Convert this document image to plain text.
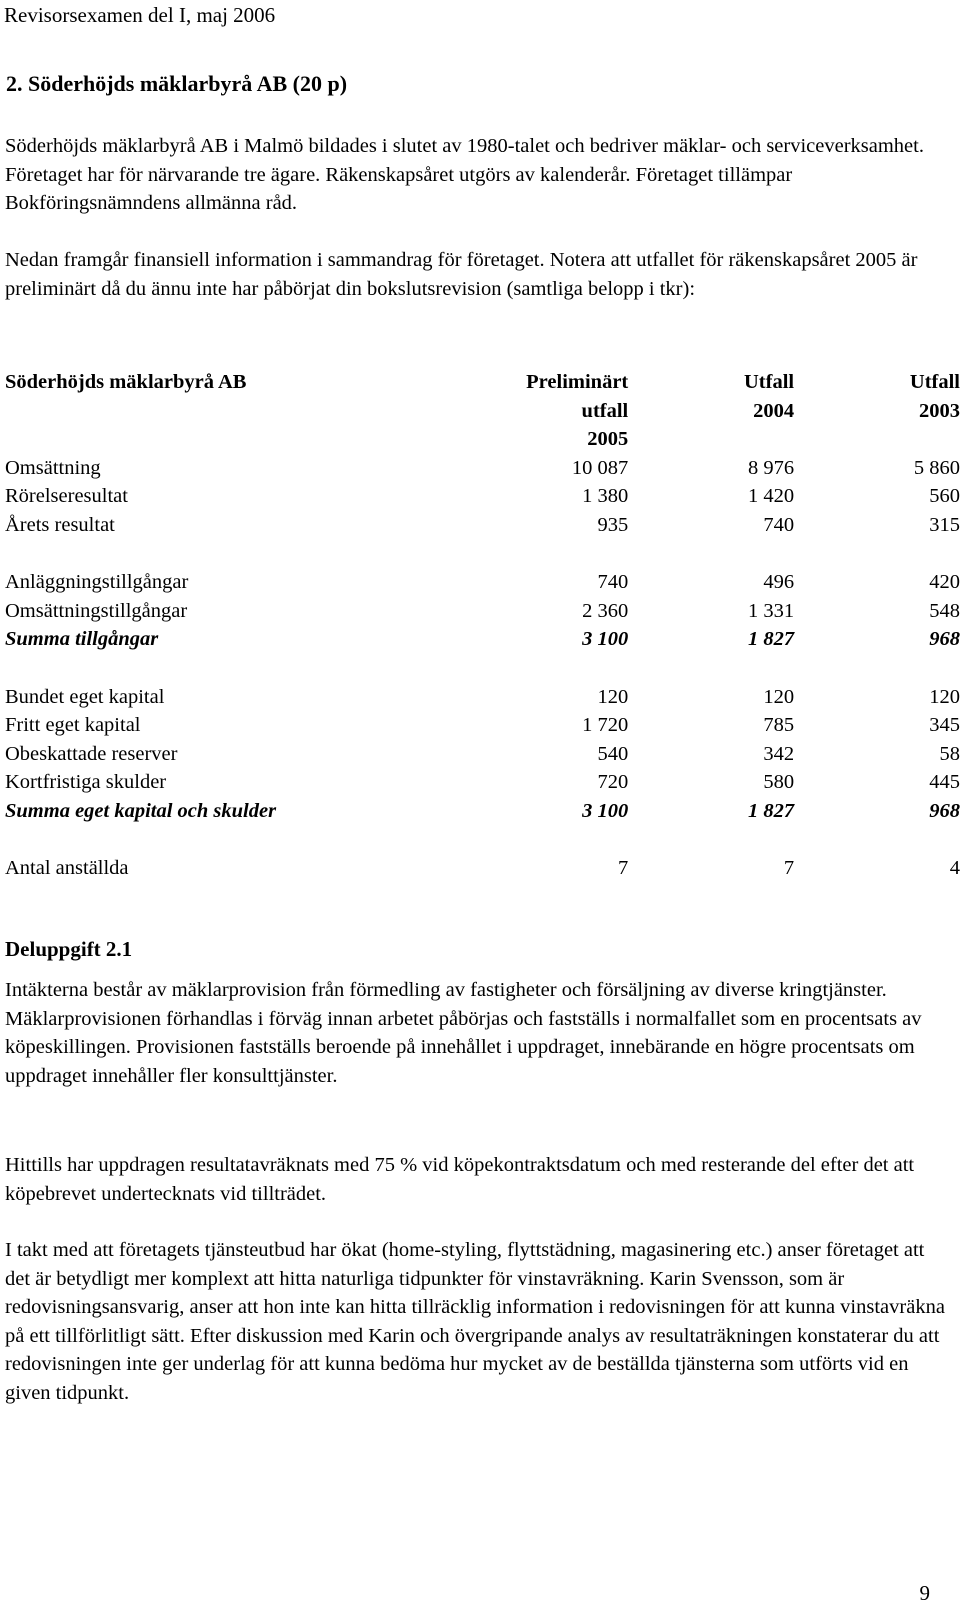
Revisorsexamen del I, maj 2006
2. Söderhöjds mäklarbyrå AB (20 p)

Söderhöjds mäklarbyrå AB i Malmö bildades i slutet av 1980-talet och bedriver mäklar- och serviceverksamhet. Företaget har för närvarande tre ägare. Räkenskapsåret utgörs av kalenderår. Företaget tillämpar Bokföringsnämndens allmänna råd.

Nedan framgår finansiell information i sammandrag för företaget. Notera att utfallet för räkenskapsåret 2005 är preliminärt då du ännu inte har påbörjat din bokslutsrevision (samtliga belopp i tkr):

Söderhöjds mäklarbyrå AB	Preliminärt	Utfall	Utfall
	utfall	2004	2003
	2005		
Omsättning	10 087	8 976	5 860
Rörelseresultat	1 380	1 420	560
Årets resultat	935	740	315

Anläggningstillgångar	740	496	420
Omsättningstillgångar	2 360	1 331	548
Summa tillgångar	3 100	1 827	968

Bundet eget kapital	120	120	120
Fritt eget kapital	1 720	785	345
Obeskattade reserver	540	342	58
Kortfristiga skulder	720	580	445
Summa eget kapital och skulder	3 100	1 827	968

Antal anställda	7	7	4
Deluppgift 2.1

Intäkterna består av mäklarprovision från förmedling av fastigheter och försäljning av diverse kringtjänster. Mäklarprovisionen förhandlas i förväg innan arbetet påbörjas och fastställs i normalfallet som en procentsats av köpeskillingen. Provisionen fastställs beroende på innehållet i uppdraget, innebärande en högre procentsats om uppdraget innehåller fler konsulttjänster.

Hittills har uppdragen resultatavräknats med 75 % vid köpekontraktsdatum och med resterande del efter det att köpebrevet undertecknats vid tillträdet.

I takt med att företagets tjänsteutbud har ökat (home-styling, flyttstädning, magasinering etc.) anser företaget att det är betydligt mer komplext att hitta naturliga tidpunkter för vinstavräkning. Karin Svensson, som är redovisningsansvarig, anser att hon inte kan hitta tillräcklig information i redovisningen för att kunna vinstavräkna på ett tillförlitligt sätt. Efter diskussion med Karin och övergripande analys av resultaträkningen konstaterar du att redovisningen inte ger underlag för att kunna bedöma hur mycket av de beställda tjänsterna som utförts vid en given tidpunkt.

9
